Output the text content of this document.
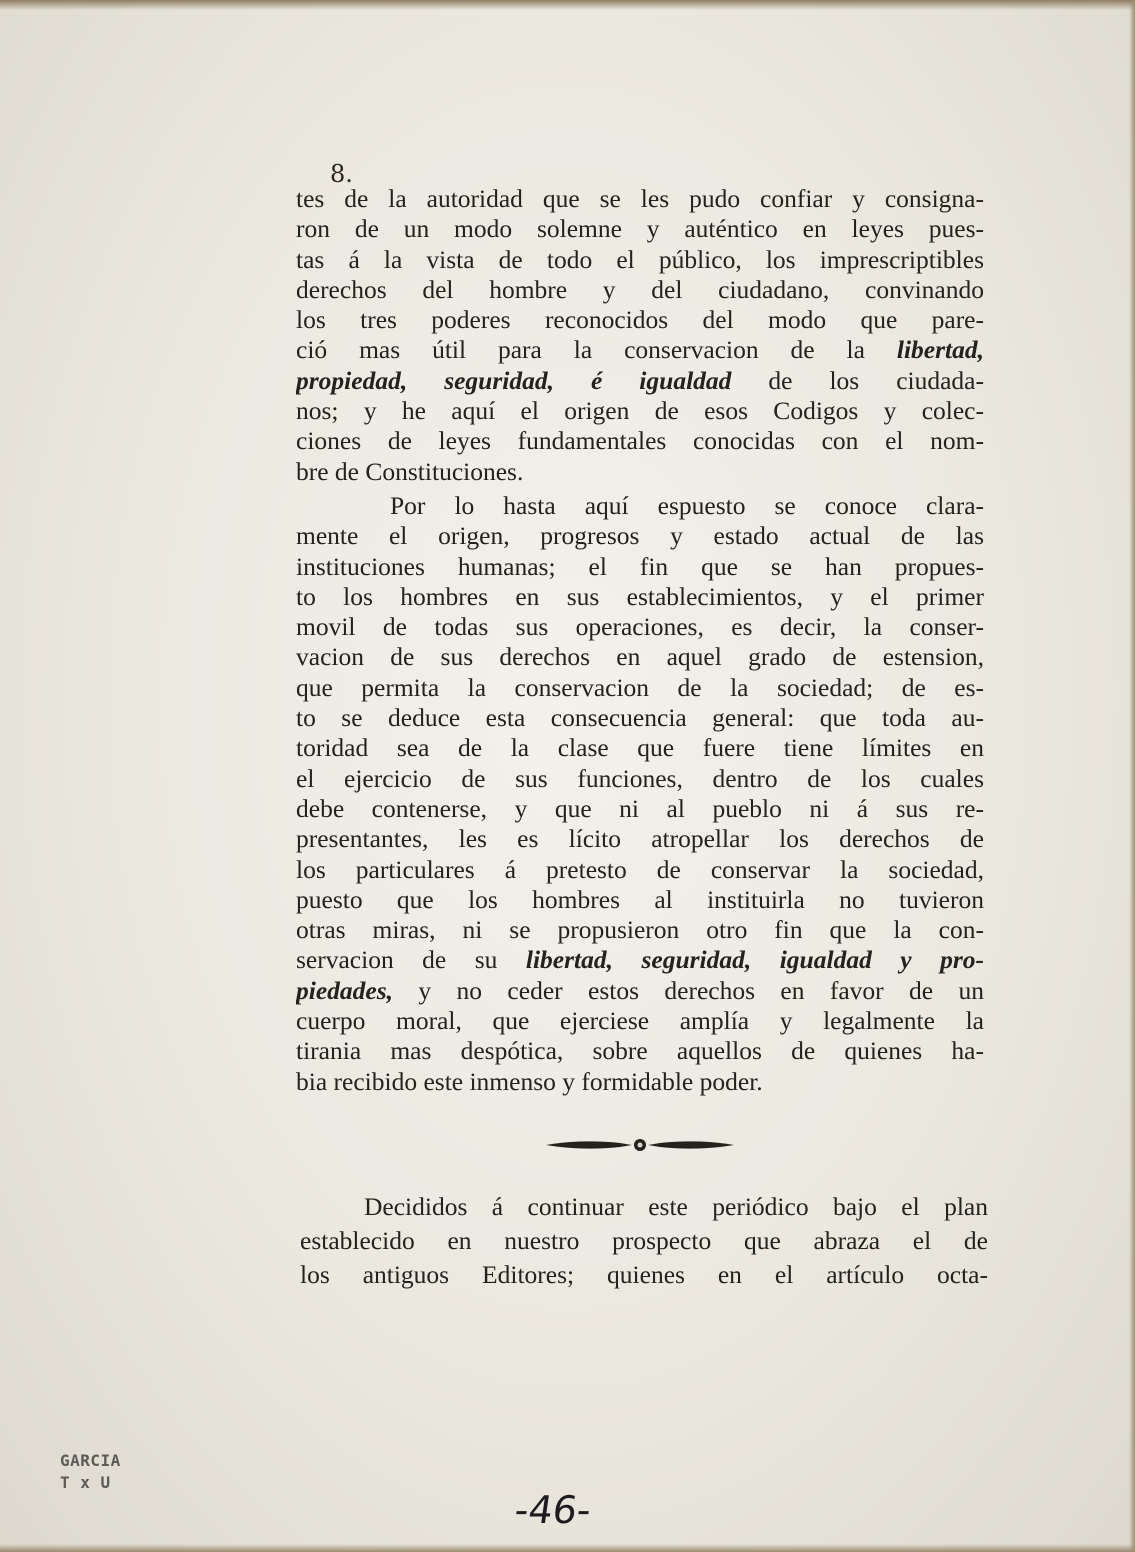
8.
tes de la autoridad que se les pudo confiar y consigna-
ron de un modo solemne y auténtico en leyes pues-
tas á la vista de todo el público, los imprescriptibles
derechos del hombre y del ciudadano, convinando
los tres poderes reconocidos del modo que pare-
ció mas útil para la conservacion de la libertad,
propiedad, seguridad, é igualdad de los ciudada-
nos; y he aquí el origen de esos Codigos y colec-
ciones de leyes fundamentales conocidas con el nom-
bre de Constituciones.
Por lo hasta aquí espuesto se conoce clara-
mente el origen, progresos y estado actual de las
instituciones humanas; el fin que se han propues-
to los hombres en sus establecimientos, y el primer
movil de todas sus operaciones, es decir, la conser-
vacion de sus derechos en aquel grado de estension,
que permita la conservacion de la sociedad; de es-
to se deduce esta consecuencia general: que toda au-
toridad sea de la clase que fuere tiene límites en
el ejercicio de sus funciones, dentro de los cuales
debe contenerse, y que ni al pueblo ni á sus re-
presentantes, les es lícito atropellar los derechos de
los particulares á pretesto de conservar la sociedad,
puesto que los hombres al instituirla no tuvieron
otras miras, ni se propusieron otro fin que la con-
servacion de su libertad, seguridad, igualdad y pro-
piedades, y no ceder estos derechos en favor de un
cuerpo moral, que ejerciese amplía y legalmente la
tirania mas despótica, sobre aquellos de quienes ha-
bia recibido este inmenso y formidable poder.
Decididos á continuar este periódico bajo el plan
establecido en nuestro prospecto que abraza el de
los antiguos Editores; quienes en el artículo octa-
GARCIA
T x U
-46-
